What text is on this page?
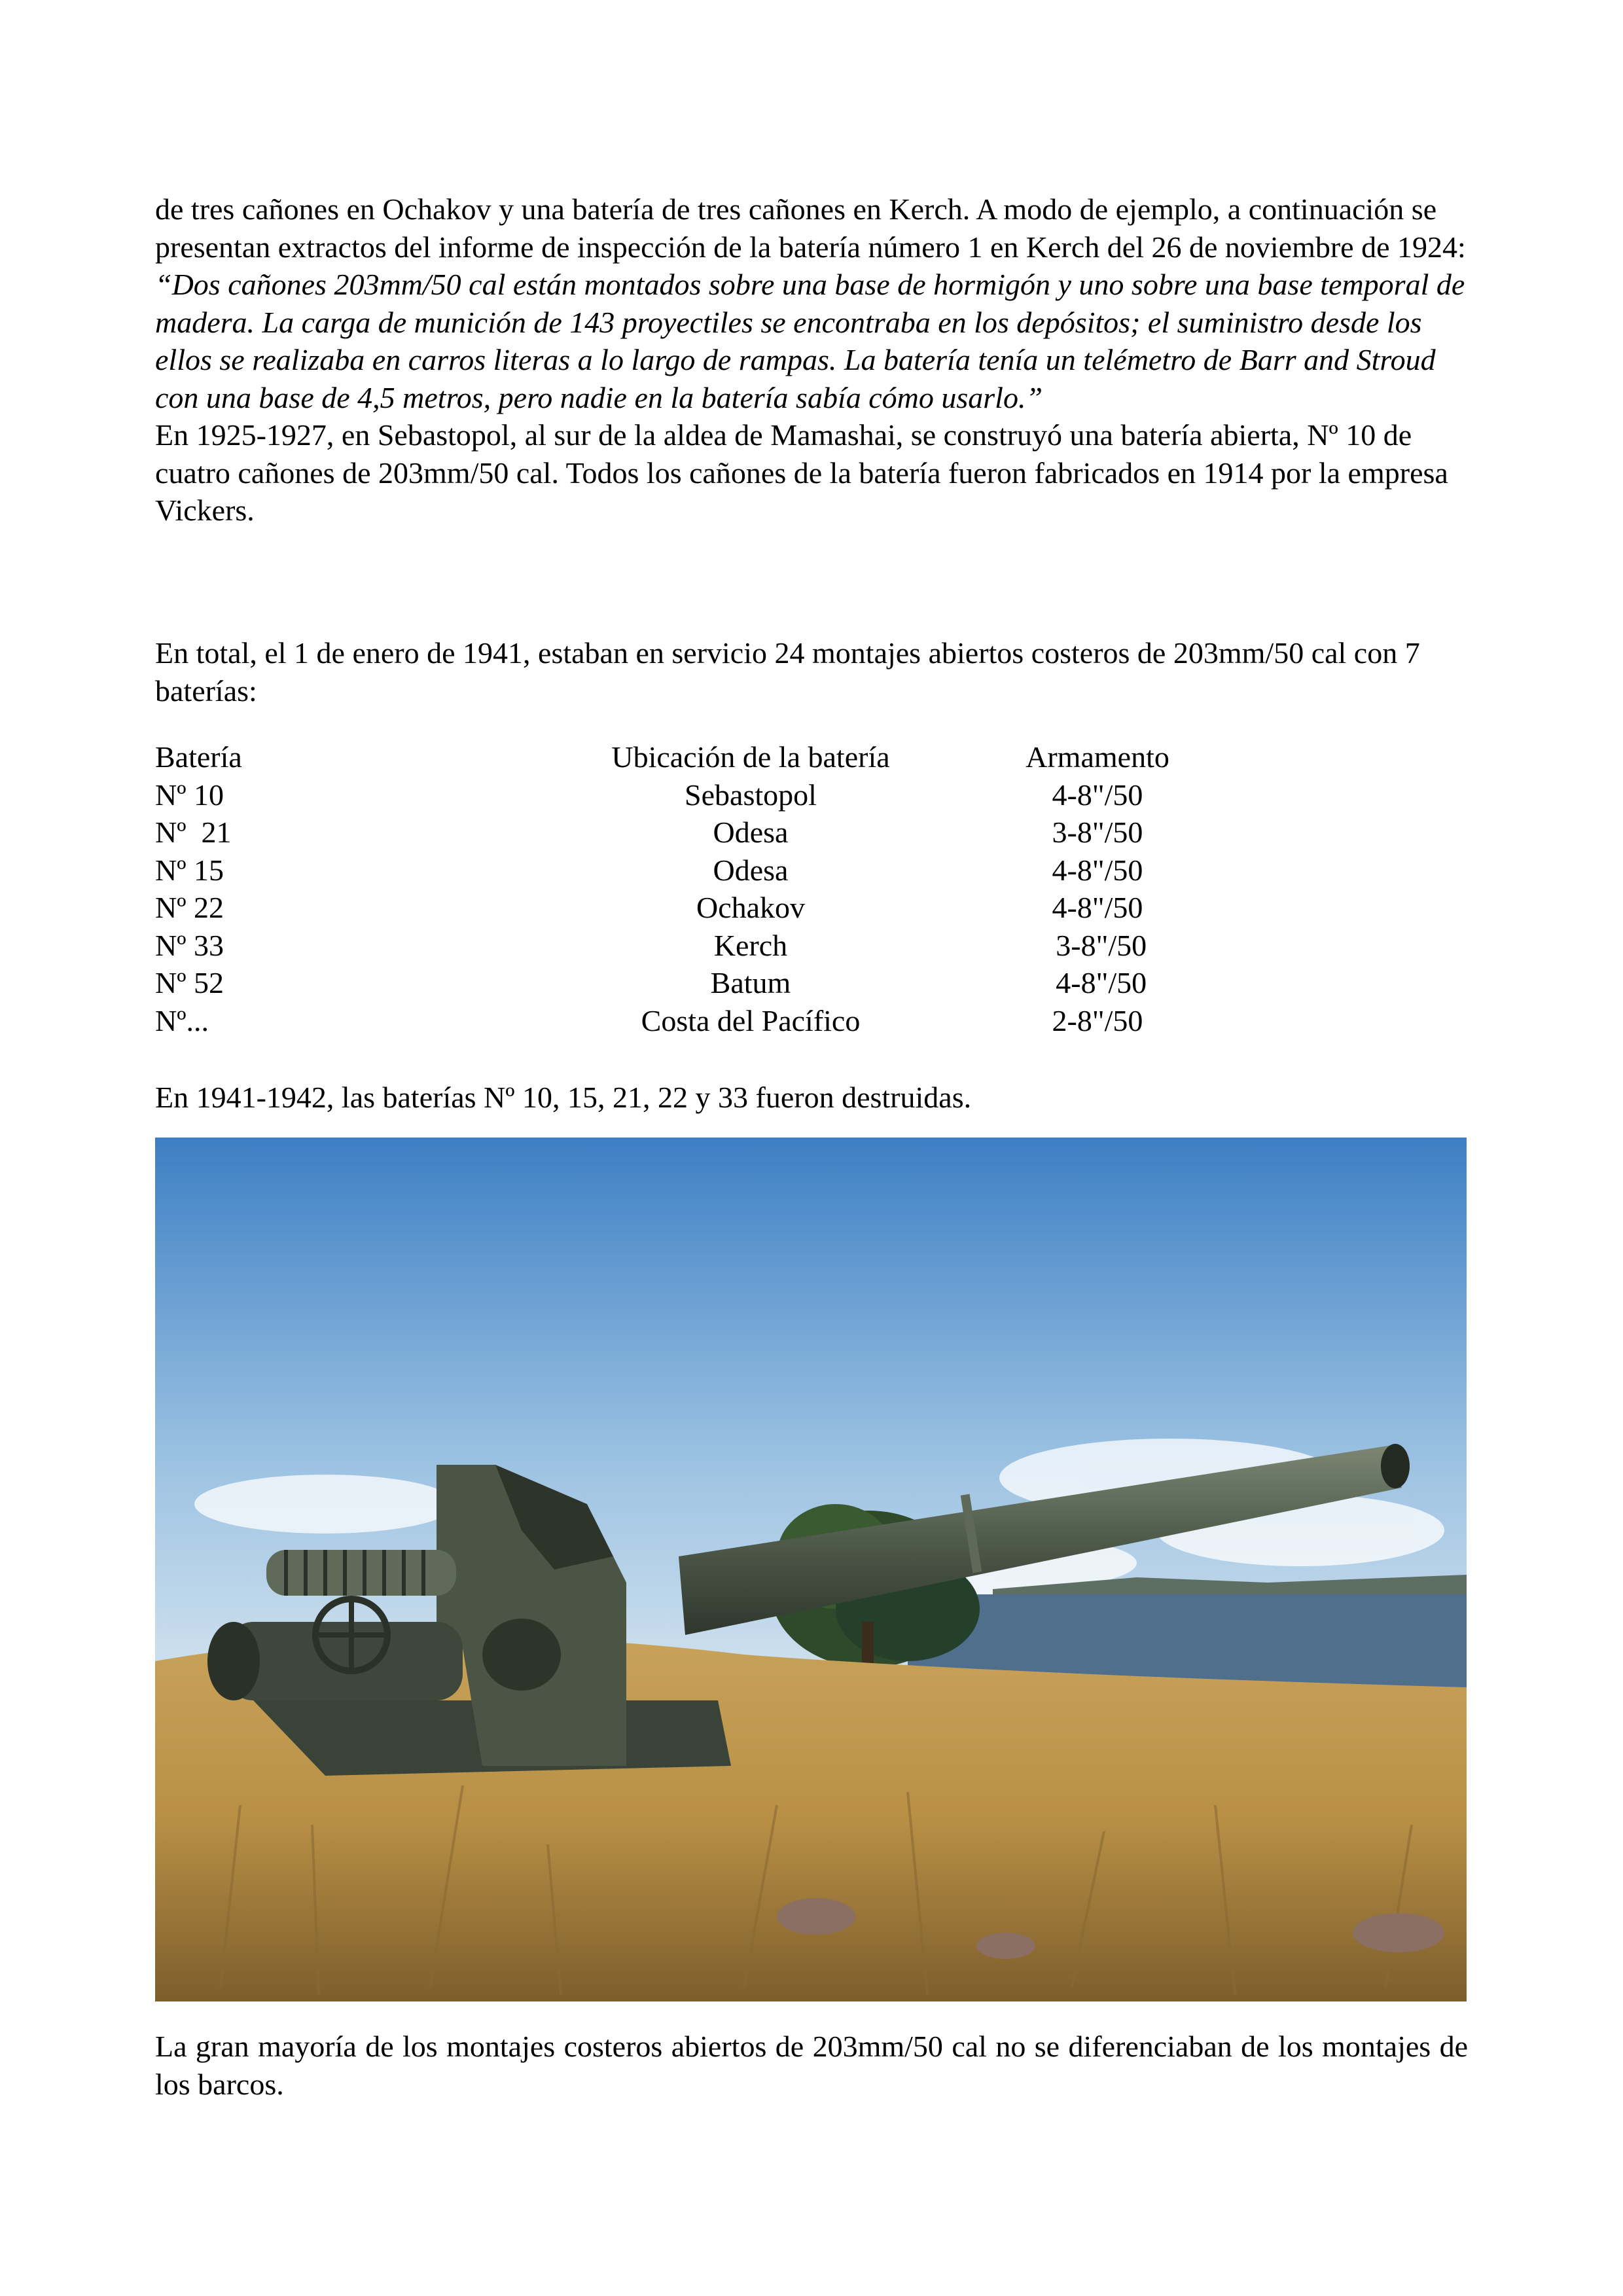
de tres cañones en Ochakov y una batería de tres cañones en Kerch. A modo de ejemplo, a continuación se presentan extractos del informe de inspección de la batería número 1 en Kerch del 26 de noviembre de 1924:
“Dos cañones 203mm/50 cal están montados sobre una base de hormigón y uno sobre una base temporal de madera. La carga de munición de 143 proyectiles se encontraba en los depósitos; el suministro desde los ellos se realizaba en carros literas a lo largo de rampas. La batería tenía un telémetro de Barr and Stroud con una base de 4,5 metros, pero nadie en la batería sabía cómo usarlo.”
En 1925-1927, en Sebastopol, al sur de la aldea de Mamashai, se construyó una batería abierta, Nº 10 de cuatro cañones de 203mm/50 cal. Todos los cañones de la batería fueron fabricados en 1914 por la empresa Vickers.

En total, el 1 de enero de 1941, estaban en servicio 24 montajes abiertos costeros de 203mm/50 cal con 7 baterías:

Batería	Ubicación de la batería	Armamento
Nº 10	Sebastopol	4-8"/50
Nº  21	Odesa	3-8"/50
Nº 15	Odesa	4-8"/50
Nº 22	Ochakov	4-8"/50
Nº 33	Kerch	3-8"/50
Nº 52	Batum	4-8"/50
Nº...	Costa del Pacífico	2-8"/50

En 1941-1942, las baterías Nº 10, 15, 21, 22 y 33 fueron destruidas.

La gran mayoría de los montajes costeros abiertos de 203mm/50 cal no se diferenciaban de los montajes de los barcos.
